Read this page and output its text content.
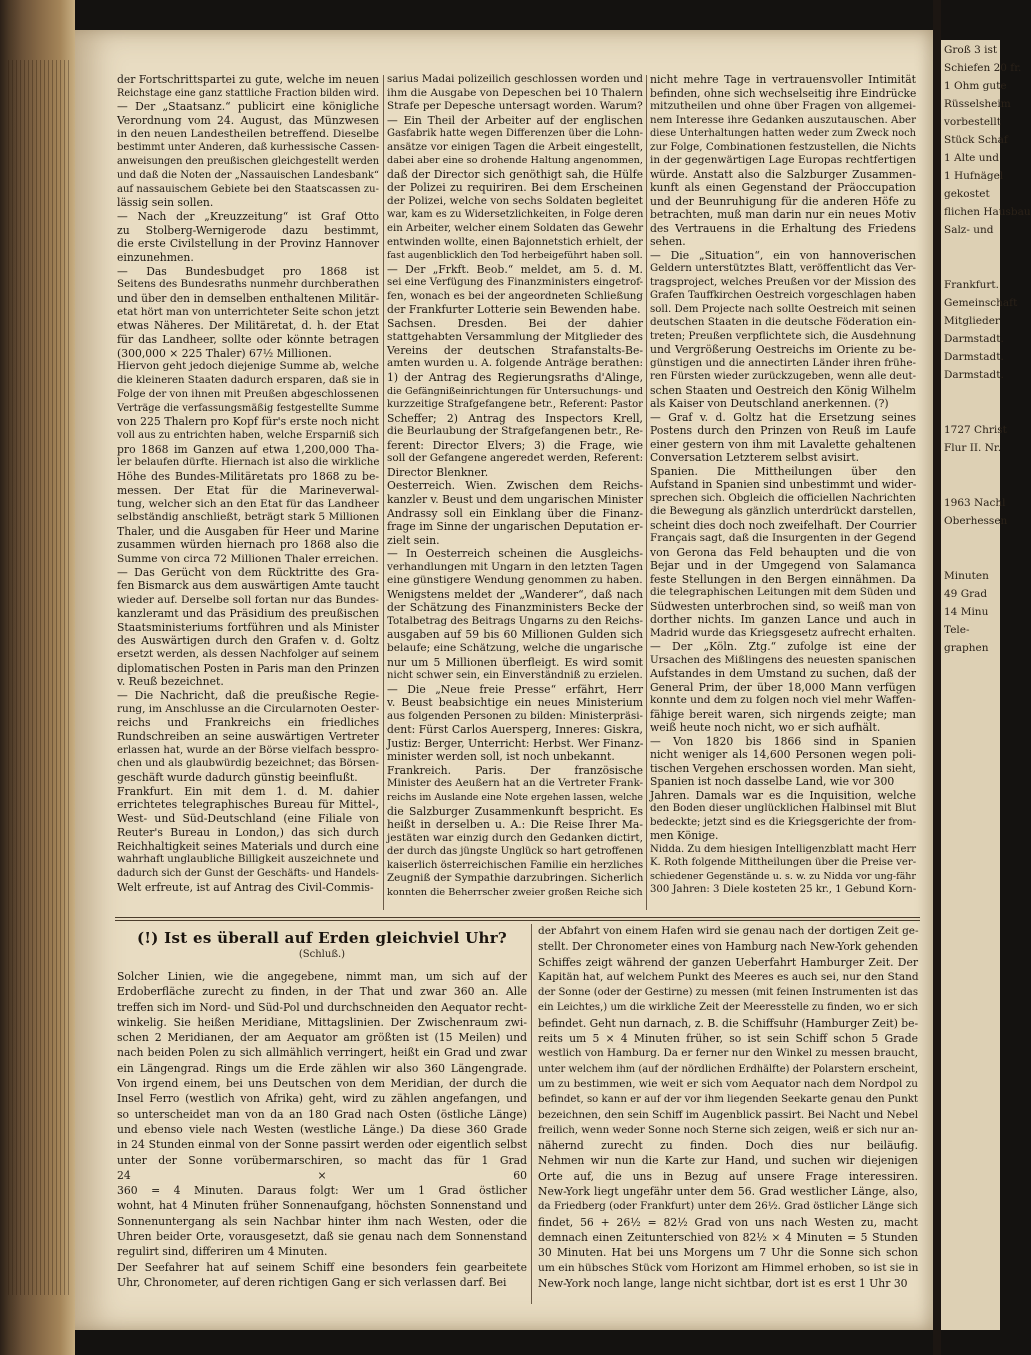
Groß 3 ist
Schiefen 20 fr.
1 Ohm gute
Rüsselsheim
vorbestellt
Stück Schaf
1 Alte und
1 Hufnägel
gekostet
flichen Hausbau
Salz- und
Frankfurt.
Gemeinschaft
Mitglieder
Darmstadt.
Darmstadt.
Darmstadt.
1727 Christ
Flur II. Nr.
1963 Nachl
Oberhessen
Minuten
49 Grad
14 Minu
Tele-
graphen
der Fortschrittspartei zu gute, welche im neuen
Reichstage eine ganz stattliche Fraction bilden wird.
— Der „Staatsanz.“ publicirt eine königliche
Verordnung vom 24. August, das Münzwesen
in den neuen Landestheilen betreffend. Dieselbe
bestimmt unter Anderen, daß kurhessische Cassen-
anweisungen den preußischen gleichgestellt werden
und daß die Noten der „Nassauischen Landesbank“
auf nassauischem Gebiete bei den Staatscassen zu-
lässig sein sollen.
— Nach der „Kreuzzeitung“ ist Graf Otto
zu Stolberg-Wernigerode dazu bestimmt,
die erste Civilstellung in der Provinz Hannover
einzunehmen.
— Das Bundesbudget pro 1868 ist
Seitens des Bundesraths nunmehr durchberathen
und über den in demselben enthaltenen Militär-
etat hört man von unterrichteter Seite schon jetzt
etwas Näheres. Der Militäretat, d. h. der Etat
für das Landheer, sollte oder könnte betragen
(300,000 × 225 Thaler) 67½ Millionen.
Hiervon geht jedoch diejenige Summe ab, welche
die kleineren Staaten dadurch ersparen, daß sie in
Folge der von ihnen mit Preußen abgeschlossenen
Verträge die verfassungsmäßig festgestellte Summe
von 225 Thalern pro Kopf für's erste noch nicht
voll aus zu entrichten haben, welche Ersparniß sich
pro 1868 im Ganzen auf etwa 1,200,000 Tha-
ler belaufen dürfte. Hiernach ist also die wirkliche
Höhe des Bundes-Militäretats pro 1868 zu be-
messen. Der Etat für die Marineverwal-
tung, welcher sich an den Etat für das Landheer
selbständig anschließt, beträgt stark 5 Millionen
Thaler, und die Ausgaben für Heer und Marine
zusammen würden hiernach pro 1868 also die
Summe von circa 72 Millionen Thaler erreichen.
— Das Gerücht von dem Rücktritte des Gra-
fen Bismarck aus dem auswärtigen Amte taucht
wieder auf. Derselbe soll fortan nur das Bundes-
kanzleramt und das Präsidium des preußischen
Staatsministeriums fortführen und als Minister
des Auswärtigen durch den Grafen v. d. Goltz
ersetzt werden, als dessen Nachfolger auf seinem
diplomatischen Posten in Paris man den Prinzen
v. Reuß bezeichnet.
— Die Nachricht, daß die preußische Regie-
rung, im Anschlusse an die Circularnoten Oester-
reichs und Frankreichs ein friedliches
Rundschreiben an seine auswärtigen Vertreter
erlassen hat, wurde an der Börse vielfach besspro-
chen und als glaubwürdig bezeichnet; das Börsen-
geschäft wurde dadurch günstig beeinflußt.
Frankfurt. Ein mit dem 1. d. M. dahier
errichtetes telegraphisches Bureau für Mittel-,
West- und Süd-Deutschland (eine Filiale von
Reuter's Bureau in London,) das sich durch
Reichhaltigkeit seines Materials und durch eine
wahrhaft unglaubliche Billigkeit auszeichnete und
dadurch sich der Gunst der Geschäfts- und Handels-
Welt erfreute, ist auf Antrag des Civil-Commis-
sarius Madai polizeilich geschlossen worden und
ihm die Ausgabe von Depeschen bei 10 Thalern
Strafe per Depesche untersagt worden. Warum?
— Ein Theil der Arbeiter auf der englischen
Gasfabrik hatte wegen Differenzen über die Lohn-
ansätze vor einigen Tagen die Arbeit eingestellt,
dabei aber eine so drohende Haltung angenommen,
daß der Director sich genöthigt sah, die Hülfe
der Polizei zu requiriren. Bei dem Erscheinen
der Polizei, welche von sechs Soldaten begleitet
war, kam es zu Widersetzlichkeiten, in Folge deren
ein Arbeiter, welcher einem Soldaten das Gewehr
entwinden wollte, einen Bajonnetstich erhielt, der
fast augenblicklich den Tod herbeigeführt haben soll.
— Der „Frkft. Beob.“ meldet, am 5. d. M.
sei eine Verfügung des Finanzministers eingetrof-
fen, wonach es bei der angeordneten Schließung
der Frankfurter Lotterie sein Bewenden habe.
Sachsen. Dresden. Bei der dahier
stattgehabten Versammlung der Mitglieder des
Vereins der deutschen Strafanstalts-Be-
amten wurden u. A. folgende Anträge berathen:
1) der Antrag des Regierungsraths d'Alinge,
die Gefängnißeinrichtungen für Untersuchungs- und
kurzzeitige Strafgefangene betr., Referent: Pastor
Scheffer; 2) Antrag des Inspectors Krell,
die Beurlaubung der Strafgefangenen betr., Re-
ferent: Director Elvers; 3) die Frage, wie
soll der Gefangene angeredet werden, Referent:
Director Blenkner.
Oesterreich. Wien. Zwischen dem Reichs-
kanzler v. Beust und dem ungarischen Minister
Andrassy soll ein Einklang über die Finanz-
frage im Sinne der ungarischen Deputation er-
zielt sein.
— In Oesterreich scheinen die Ausgleichs-
verhandlungen mit Ungarn in den letzten Tagen
eine günstigere Wendung genommen zu haben.
Wenigstens meldet der „Wanderer“, daß nach
der Schätzung des Finanzministers Becke der
Totalbetrag des Beitrags Ungarns zu den Reichs-
ausgaben auf 59 bis 60 Millionen Gulden sich
belaufe; eine Schätzung, welche die ungarische
nur um 5 Millionen überfleigt. Es wird somit
nicht schwer sein, ein Einverständniß zu erzielen.
— Die „Neue freie Presse“ erfährt, Herr
v. Beust beabsichtige ein neues Ministerium
aus folgenden Personen zu bilden: Ministerpräsi-
dent: Fürst Carlos Auersperg, Inneres: Giskra,
Justiz: Berger, Unterricht: Herbst. Wer Finanz-
minister werden soll, ist noch unbekannt.
Frankreich. Paris. Der französische
Minister des Aeußern hat an die Vertreter Frank-
reichs im Auslande eine Note ergehen lassen, welche
die Salzburger Zusammenkunft bespricht. Es
heißt in derselben u. A.: Die Reise Ihrer Ma-
jestäten war einzig durch den Gedanken dictirt,
der durch das jüngste Unglück so hart getroffenen
kaiserlich österreichischen Familie ein herzliches
Zeugniß der Sympathie darzubringen. Sicherlich
konnten die Beherrscher zweier großen Reiche sich
nicht mehre Tage in vertrauensvoller Intimität
befinden, ohne sich wechselseitig ihre Eindrücke
mitzutheilen und ohne über Fragen von allgemei-
nem Interesse ihre Gedanken auszutauschen. Aber
diese Unterhaltungen hatten weder zum Zweck noch
zur Folge, Combinationen festzustellen, die Nichts
in der gegenwärtigen Lage Europas rechtfertigen
würde. Anstatt also die Salzburger Zusammen-
kunft als einen Gegenstand der Präoccupation
und der Beunruhigung für die anderen Höfe zu
betrachten, muß man darin nur ein neues Motiv
des Vertrauens in die Erhaltung des Friedens
sehen.
— Die „Situation“, ein von hannoverischen
Geldern unterstütztes Blatt, veröffentlicht das Ver-
tragsproject, welches Preußen vor der Mission des
Grafen Tauffkirchen Oestreich vorgeschlagen haben
soll. Dem Projecte nach sollte Oestreich mit seinen
deutschen Staaten in die deutsche Föderation ein-
treten; Preußen verpflichtete sich, die Ausdehnung
und Vergrößerung Oestreichs im Oriente zu be-
günstigen und die annectirten Länder ihren frühe-
ren Fürsten wieder zurückzugeben, wenn alle deut-
schen Staaten und Oestreich den König Wilhelm
als Kaiser von Deutschland anerkennen. (?)
— Graf v. d. Goltz hat die Ersetzung seines
Postens durch den Prinzen von Reuß im Laufe
einer gestern von ihm mit Lavalette gehaltenen
Conversation Letzterem selbst avisirt.
Spanien. Die Mittheilungen über den
Aufstand in Spanien sind unbestimmt und wider-
sprechen sich. Obgleich die officiellen Nachrichten
die Bewegung als gänzlich unterdrückt darstellen,
scheint dies doch noch zweifelhaft. Der Courrier
Français sagt, daß die Insurgenten in der Gegend
von Gerona das Feld behaupten und die von
Bejar und in der Umgegend von Salamanca
feste Stellungen in den Bergen einnähmen. Da
die telegraphischen Leitungen mit dem Süden und
Südwesten unterbrochen sind, so weiß man von
dorther nichts. Im ganzen Lance und auch in
Madrid wurde das Kriegsgesetz aufrecht erhalten.
— Der „Köln. Ztg.“ zufolge ist eine der
Ursachen des Mißlingens des neuesten spanischen
Aufstandes in dem Umstand zu suchen, daß der
General Prim, der über 18,000 Mann verfügen
konnte und dem zu folgen noch viel mehr Waffen-
fähige bereit waren, sich nirgends zeigte; man
weiß heute noch nicht, wo er sich aufhält.
— Von 1820 bis 1866 sind in Spanien
nicht weniger als 14,600 Personen wegen poli-
tischen Vergehen erschossen worden. Man sieht,
Spanien ist noch dasselbe Land, wie vor 300
Jahren. Damals war es die Inquisition, welche
den Boden dieser unglücklichen Halbinsel mit Blut
bedeckte; jetzt sind es die Kriegsgerichte der from-
men Könige.
Nidda. Zu dem hiesigen Intelligenzblatt macht Herr
K. Roth folgende Mittheilungen über die Preise ver-
schiedener Gegenstände u. s. w. zu Nidda vor ung-fähr
300 Jahren: 3 Diele kosteten 25 kr., 1 Gebund Korn-
(!) Ist es überall auf Erden gleichviel Uhr?
(Schluß.)
Solcher Linien, wie die angegebene, nimmt man, um sich auf der
Erdoberfläche zurecht zu finden, in der That und zwar 360 an. Alle
treffen sich im Nord- und Süd-Pol und durchschneiden den Aequator recht-
winkelig. Sie heißen Meridiane, Mittagslinien. Der Zwischenraum zwi-
schen 2 Meridianen, der am Aequator am größten ist (15 Meilen) und
nach beiden Polen zu sich allmählich verringert, heißt ein Grad und zwar
ein Längengrad. Rings um die Erde zählen wir also 360 Längengrade.
Von irgend einem, bei uns Deutschen von dem Meridian, der durch die
Insel Ferro (westlich von Afrika) geht, wird zu zählen angefangen, und
so unterscheidet man von da an 180 Grad nach Osten (östliche Länge)
und ebenso viele nach Westen (westliche Länge.) Da diese 360 Grade
in 24 Stunden einmal von der Sonne passirt werden oder eigentlich selbst
unter der Sonne vorübermarschiren, so macht das für 1 Grad
24 × 60
360 = 4 Minuten. Daraus folgt: Wer um 1 Grad östlicher
wohnt, hat 4 Minuten früher Sonnenaufgang, höchsten Sonnenstand und
Sonnenuntergang als sein Nachbar hinter ihm nach Westen, oder die
Uhren beider Orte, vorausgesetzt, daß sie genau nach dem Sonnenstand
regulirt sind, differiren um 4 Minuten.
Der Seefahrer hat auf seinem Schiff eine besonders fein gearbeitete
Uhr, Chronometer, auf deren richtigen Gang er sich verlassen darf. Bei
der Abfahrt von einem Hafen wird sie genau nach der dortigen Zeit ge-
stellt. Der Chronometer eines von Hamburg nach New-York gehenden
Schiffes zeigt während der ganzen Ueberfahrt Hamburger Zeit. Der
Kapitän hat, auf welchem Punkt des Meeres es auch sei, nur den Stand
der Sonne (oder der Gestirne) zu messen (mit feinen Instrumenten ist das
ein Leichtes,) um die wirkliche Zeit der Meeresstelle zu finden, wo er sich
befindet. Geht nun darnach, z. B. die Schiffsuhr (Hamburger Zeit) be-
reits um 5 × 4 Minuten früher, so ist sein Schiff schon 5 Grade
westlich von Hamburg. Da er ferner nur den Winkel zu messen braucht,
unter welchem ihm (auf der nördlichen Erdhälfte) der Polarstern erscheint,
um zu bestimmen, wie weit er sich vom Aequator nach dem Nordpol zu
befindet, so kann er auf der vor ihm liegenden Seekarte genau den Punkt
bezeichnen, den sein Schiff im Augenblick passirt. Bei Nacht und Nebel
freilich, wenn weder Sonne noch Sterne sich zeigen, weiß er sich nur an-
nähernd zurecht zu finden. Doch dies nur beiläufig.
Nehmen wir nun die Karte zur Hand, und suchen wir diejenigen
Orte auf, die uns in Bezug auf unsere Frage interessiren.
New-York liegt ungefähr unter dem 56. Grad westlicher Länge, also,
da Friedberg (oder Frankfurt) unter dem 26½. Grad östlicher Länge sich
findet, 56 + 26½ = 82½ Grad von uns nach Westen zu, macht
demnach einen Zeitunterschied von 82½ × 4 Minuten = 5 Stunden
30 Minuten. Hat bei uns Morgens um 7 Uhr die Sonne sich schon
um ein hübsches Stück vom Horizont am Himmel erhoben, so ist sie in
New-York noch lange, lange nicht sichtbar, dort ist es erst 1 Uhr 30
